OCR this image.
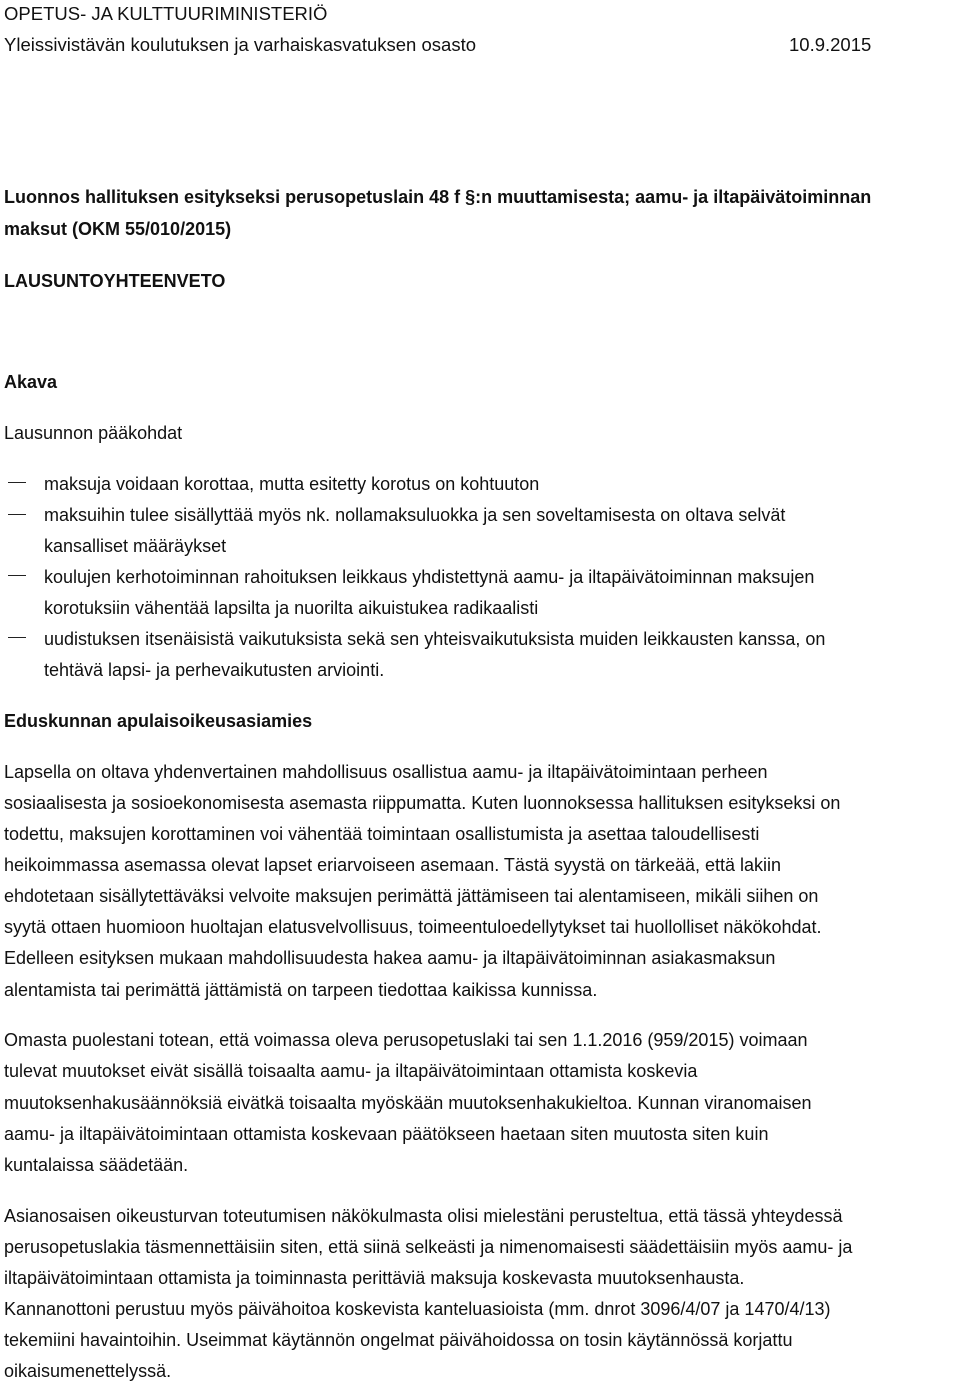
OPETUS- JA KULTTUURIMINISTERIÖ
Yleissivistävän koulutuksen ja varhaiskasvatuksen osasto	10.9.2015
Luonnos hallituksen esitykseksi perusopetuslain 48 f §:n muuttamisesta; aamu- ja iltapäivätoiminnan
maksut (OKM 55/010/2015)
LAUSUNTOYHTEENVETO
Akava
Lausunnon pääkohdat
maksuja voidaan korottaa, mutta esitetty korotus on kohtuuton
maksuihin tulee sisällyttää myös nk. nollamaksuluokka ja sen soveltamisesta on oltava selvät
kansalliset määräykset
koulujen kerhotoiminnan rahoituksen leikkaus yhdistettynä aamu- ja iltapäivätoiminnan maksujen
korotuksiin vähentää lapsilta ja nuorilta aikuistukea radikaalisti
uudistuksen itsenäisistä vaikutuksista sekä sen yhteisvaikutuksista muiden leikkausten kanssa, on
tehtävä lapsi- ja perhevaikutusten arviointi.
Eduskunnan apulaisoikeusasiamies
Lapsella on oltava yhdenvertainen mahdollisuus osallistua aamu- ja iltapäivätoimintaan perheen
sosiaalisesta ja sosioekonomisesta asemasta riippumatta. Kuten luonnoksessa hallituksen esitykseksi on
todettu, maksujen korottaminen voi vähentää toimintaan osallistumista ja asettaa taloudellisesti
heikoimmassa asemassa olevat lapset eriarvoiseen asemaan. Tästä syystä on tärkeää, että lakiin
ehdotetaan sisällytettäväksi velvoite maksujen perimättä jättämiseen tai alentamiseen, mikäli siihen on
syytä ottaen huomioon huoltajan elatusvelvollisuus, toimeentuloedellytykset tai huollolliset näkökohdat.
Edelleen esityksen mukaan mahdollisuudesta hakea aamu- ja iltapäivätoiminnan asiakasmaksun
alentamista tai perimättä jättämistä on tarpeen tiedottaa kaikissa kunnissa.
Omasta puolestani totean, että voimassa oleva perusopetuslaki tai sen 1.1.2016 (959/2015) voimaan
tulevat muutokset eivät sisällä toisaalta aamu- ja iltapäivätoimintaan ottamista koskevia
muutoksenhakusäännöksiä eivätkä toisaalta myöskään muutoksenhakukieltoa. Kunnan viranomaisen
aamu- ja iltapäivätoimintaan ottamista koskevaan päätökseen haetaan siten muutosta siten kuin
kuntalaissa säädetään.
Asianosaisen oikeusturvan toteutumisen näkökulmasta olisi mielestäni perusteltua, että tässä yhteydessä
perusopetuslakia täsmennettäisiin siten, että siinä selkeästi ja nimenomaisesti säädettäisiin myös aamu- ja
iltapäivätoimintaan ottamista ja toiminnasta perittäviä maksuja koskevasta muutoksenhausta.
Kannanottoni perustuu myös päivähoitoa koskevista kanteluasioista (mm. dnrot 3096/4/07 ja 1470/4/13)
tekemiini havaintoihin. Useimmat käytännön ongelmat päivähoidossa on tosin käytännössä korjattu
oikaisumenettelyssä.
